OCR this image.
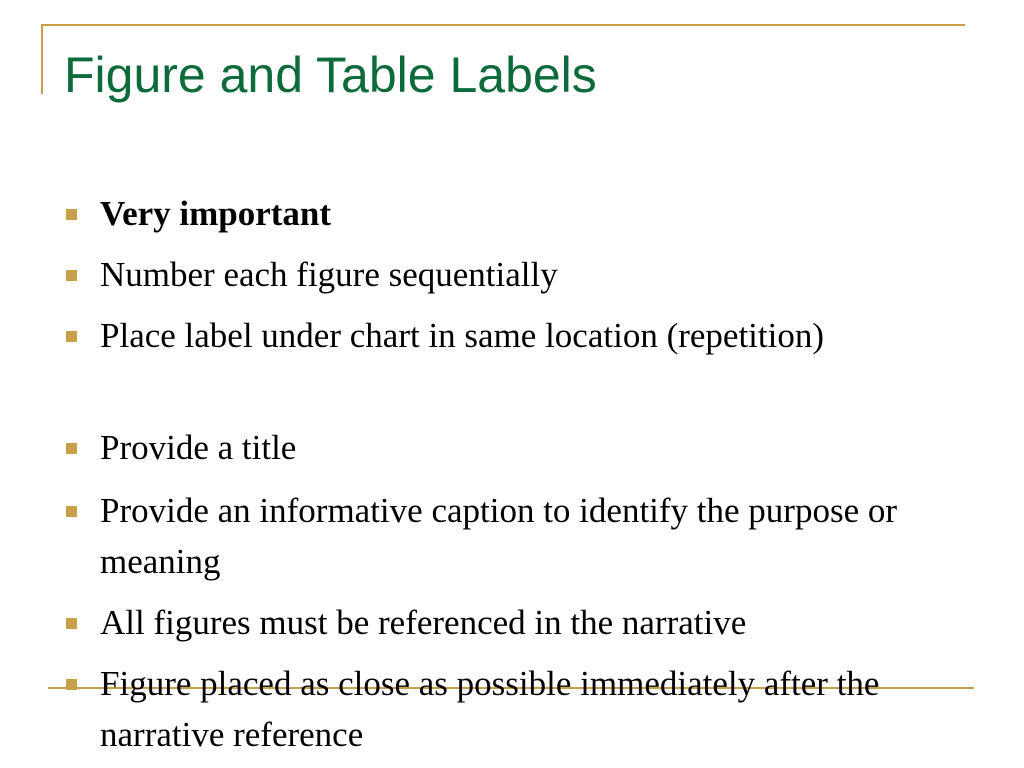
Figure and Table Labels
Very important
Number each figure sequentially
Place label under chart in same location (repetition)
Provide a title
Provide an informative caption to identify the purpose or meaning
All figures must be referenced in the narrative
Figure placed as close as possible immediately after the narrative reference
